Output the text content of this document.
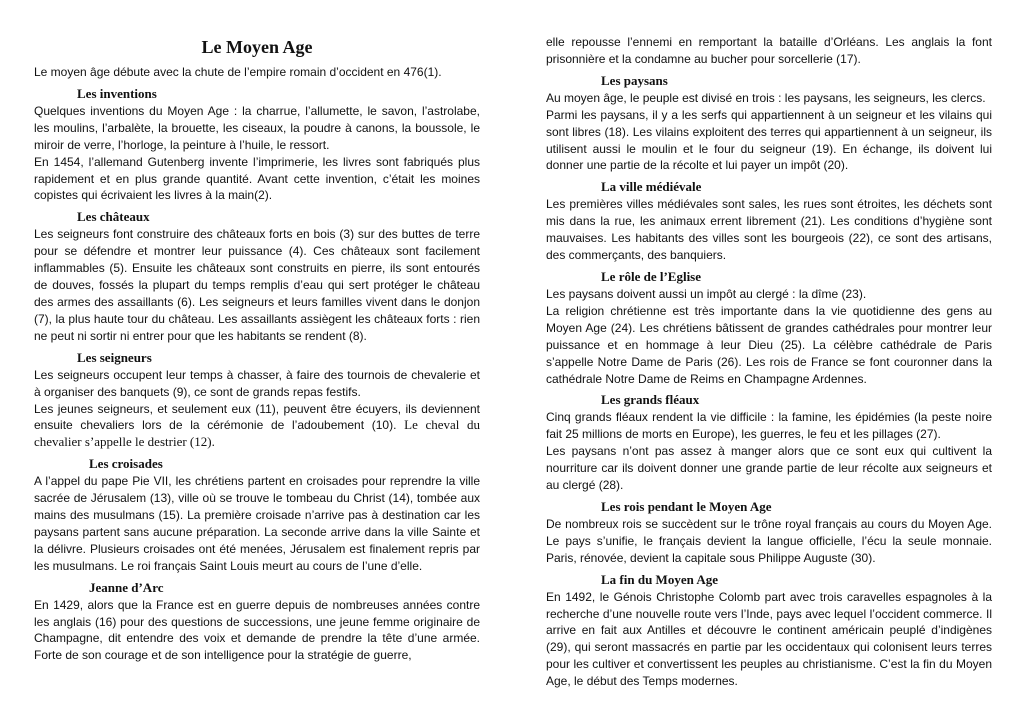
Le Moyen Age

Le moyen âge débute avec la chute de l’empire romain d’occident en 476(1).

Les inventions

Quelques inventions du Moyen Age : la charrue, l’allumette, le savon, l’astrolabe, les moulins, l’arbalète, la brouette, les ciseaux, la poudre à canons, la boussole, le miroir de verre, l’horloge, la peinture à l’huile, le ressort.

En 1454, l’allemand Gutenberg invente l’imprimerie, les livres sont fabriqués plus rapidement et en plus grande quantité. Avant cette invention, c’était les moines copistes qui écrivaient les livres à la main(2).

Les châteaux

Les seigneurs font construire des châteaux forts en bois (3) sur des buttes de terre pour se défendre et montrer leur puissance (4). Ces châteaux sont facilement inflammables (5). Ensuite les châteaux sont construits en pierre, ils sont entourés de douves, fossés la plupart du temps remplis d’eau qui sert protéger le château des armes des assaillants (6). Les seigneurs et leurs familles vivent dans le donjon (7), la plus haute tour du château. Les assaillants assiègent les châteaux forts : rien ne peut ni sortir ni entrer pour que les habitants se rendent (8).

Les seigneurs

Les seigneurs occupent leur temps à chasser, à faire des tournois de chevalerie et à organiser des banquets (9), ce sont de grands repas festifs.

Les jeunes seigneurs, et seulement eux (11), peuvent être écuyers, ils deviennent ensuite chevaliers lors de la cérémonie de l’adoubement (10). Le cheval du chevalier s’appelle le destrier (12).

Les croisades

A l’appel du pape Pie VII, les chrétiens partent en croisades pour reprendre la ville sacrée de Jérusalem (13), ville où se trouve le tombeau du Christ (14), tombée aux mains des musulmans (15). La première croisade n’arrive pas à destination car les paysans partent sans aucune préparation. La seconde arrive dans la ville Sainte et la délivre. Plusieurs croisades ont été menées, Jérusalem est finalement repris par les musulmans. Le roi français Saint Louis meurt au cours de l’une d’elle.

Jeanne d’Arc

En 1429, alors que la France est en guerre depuis de nombreuses années contre les anglais (16) pour des questions de successions, une jeune femme originaire de Champagne, dit entendre des voix et demande de prendre la tête d’une armée. Forte de son courage et de son intelligence pour la stratégie de guerre,

elle repousse l’ennemi en remportant la bataille d’Orléans. Les anglais la font prisonnière et la condamne au bucher pour sorcellerie (17).

Les paysans

Au moyen âge, le peuple est divisé en trois : les paysans, les seigneurs, les clercs.

Parmi les paysans, il y a les serfs qui appartiennent à un seigneur et les vilains qui sont libres (18). Les vilains exploitent des terres qui appartiennent à un seigneur, ils utilisent aussi le moulin et le four du seigneur (19). En échange, ils doivent lui donner une partie de la récolte et lui payer un impôt (20).

La ville médiévale

Les premières villes médiévales sont sales, les rues sont étroites, les déchets sont mis dans la rue, les animaux errent librement (21). Les conditions d’hygiène sont mauvaises. Les habitants des villes sont les bourgeois (22), ce sont des artisans, des commerçants, des banquiers.

Le rôle de l’Eglise

Les paysans doivent aussi un impôt au clergé : la dîme (23).

La religion chrétienne est très importante dans la vie quotidienne des gens au Moyen Age (24). Les chrétiens bâtissent de grandes cathédrales pour montrer leur puissance et en hommage à leur Dieu (25). La célèbre cathédrale de Paris s’appelle Notre Dame de Paris (26). Les rois de France se font couronner dans la cathédrale Notre Dame de Reims en Champagne Ardennes.

Les grands fléaux

Cinq grands fléaux rendent la vie difficile : la famine, les épidémies (la peste noire fait 25 millions de morts en Europe), les guerres, le feu et les pillages (27).

Les paysans n’ont pas assez à manger alors que ce sont eux qui cultivent la nourriture car ils doivent donner une grande partie de leur récolte aux seigneurs et au clergé (28).

Les rois pendant le Moyen Age

De nombreux rois se succèdent sur le trône royal français au cours du Moyen Age. Le pays s’unifie, le français devient la langue officielle, l’écu la seule monnaie. Paris, rénovée, devient la capitale sous Philippe Auguste (30).

La fin du Moyen Age

En 1492, le Génois Christophe Colomb part avec trois caravelles espagnoles à la recherche d’une nouvelle route vers l’Inde, pays avec lequel l’occident commerce. Il arrive en fait aux Antilles et découvre le continent américain peuplé d’indigènes (29), qui seront massacrés en partie par les occidentaux qui colonisent leurs terres pour les cultiver et convertissent les peuples au christianisme. C’est la fin du Moyen Age, le début des Temps modernes.
